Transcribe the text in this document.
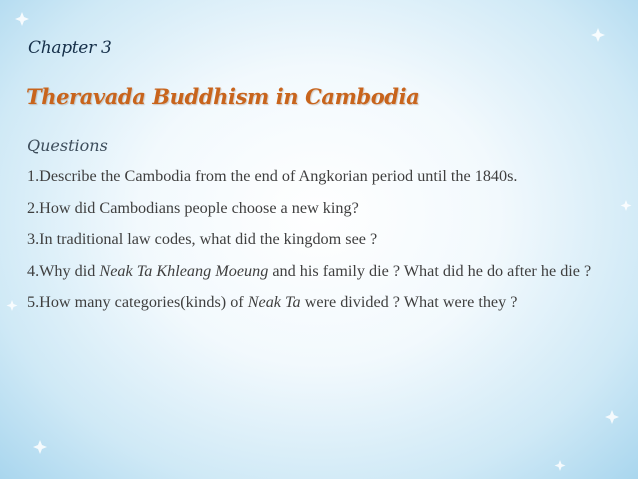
Chapter 3
Theravada Buddhism in Cambodia
Questions
1.Describe the Cambodia from the end of Angkorian period until the 1840s.
2.How did Cambodians people choose a new king?
3.In traditional law codes, what did the kingdom see ?
4.Why did Neak Ta Khleang Moeung and his family die ? What did he do after he die ?
5.How many categories(kinds) of Neak Ta were divided ? What were they ?
